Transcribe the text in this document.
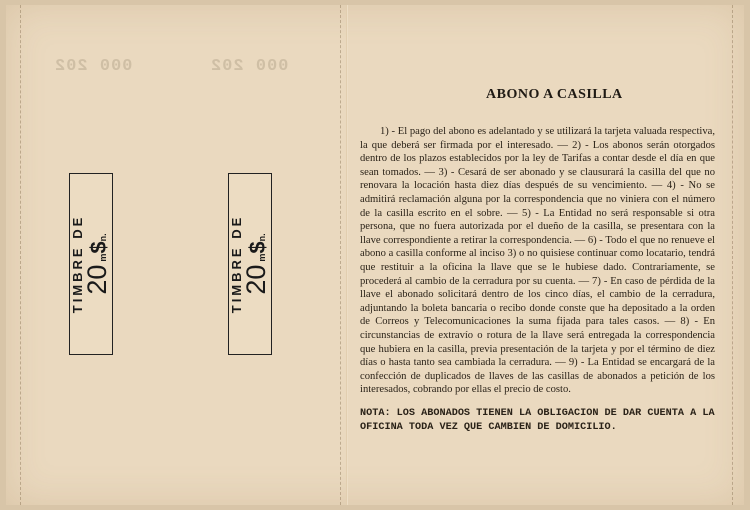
000 202	000 202
TIMBRE DE
20
m
$
n.	TIMBRE DE
20
m
$
n.
ABONO A CASILLA
1) - El pago del abono es adelantado y se utilizará la tarjeta valuada respectiva, la que deberá ser firmada por el interesado. — 2) - Los abonos serán otorgados dentro de los plazos establecidos por la ley de Tarifas a contar desde el día en que sean tomados. — 3) - Cesará de ser abonado y se clausurará la casilla del que no renovara la locación hasta diez días después de su vencimiento. — 4) - No se admitirá reclamación alguna por la correspondencia que no viniera con el número de la casilla escrito en el sobre. — 5) - La Entidad no será responsable si otra persona, que no fuera autorizada por el dueño de la casilla, se presentara con la llave correspondiente a retirar la correspondencia. — 6) - Todo el que no renueve el abono a casilla conforme al inciso 3) o no quisiese continuar como locatario, tendrá que restituir a la oficina la llave que se le hubiese dado. Contrariamente, se procederá al cambio de la cerradura por su cuenta. — 7) - En caso de pérdida de la llave el abonado solicitará dentro de los cinco días, el cambio de la cerradura, adjuntando la boleta bancaria o recibo donde conste que ha depositado a la orden de Correos y Telecomunicaciones la suma fijada para tales casos. — 8) - En circunstancias de extravío o rotura de la llave será entregada la correspondencia que hubiera en la casilla, previa presentación de la tarjeta y por el término de diez días o hasta tanto sea cambiada la cerradura. — 9) - La Entidad se encargará de la confección de duplicados de llaves de las casillas de abonados a petición de los interesados, cobrando por ellas el precio de costo.
NOTA: LOS ABONADOS TIENEN LA OBLIGACION DE DAR CUENTA A LA OFICINA TODA VEZ QUE CAMBIEN DE DOMICILIO.
